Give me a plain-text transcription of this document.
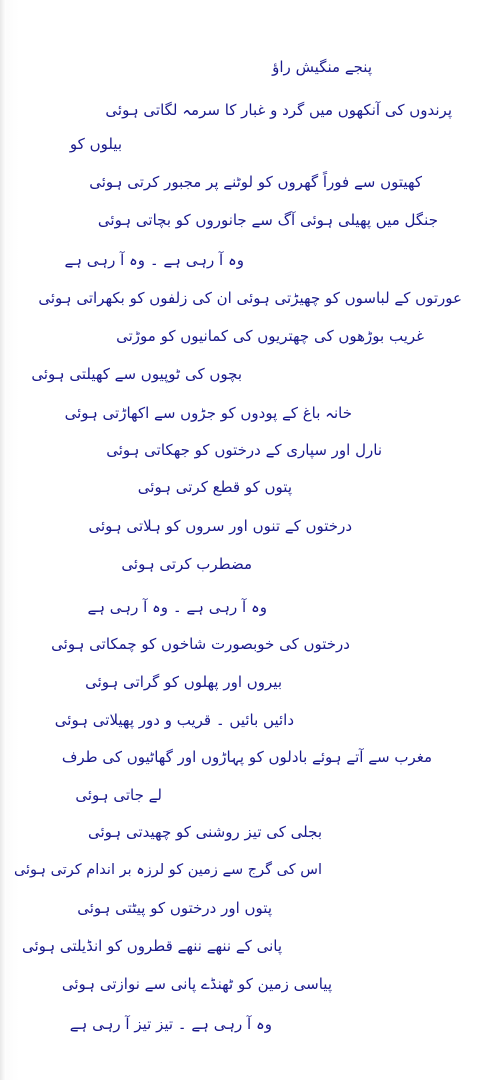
پنجے منگیش راؤ
پرندوں کی آنکھوں میں گرد و غبار کا سرمہ لگاتی ہوئی
بیلوں کو
کھیتوں سے فوراً گھروں کو لوٹنے پر مجبور کرتی ہوئی
جنگل میں پھیلی ہوئی آگ سے جانوروں کو بچاتی ہوئی
وہ آ رہی ہے ۔ وہ آ رہی ہے
عورتوں کے لباسوں کو چھیڑتی ہوئی ان کی زلفوں کو بکھراتی ہوئی
غریب بوڑھوں کی چھتریوں کی کمانیوں کو موڑتی
بچوں کی ٹوپیوں سے کھیلتی ہوئی
خانہ باغ کے پودوں کو جڑوں سے اکھاڑتی ہوئی
نارل اور سپاری کے درختوں کو جھکاتی ہوئی
پتوں کو قطع کرتی ہوئی
درختوں کے تنوں اور سروں کو ہلاتی ہوئی
مضطرب کرتی ہوئی
وہ آ رہی ہے ۔ وہ آ رہی ہے
درختوں کی خوبصورت شاخوں کو چمکاتی ہوئی
بیروں اور پھلوں کو گراتی ہوئی
دائیں بائیں ۔ قریب و دور پھیلاتی ہوئی
مغرب سے آتے ہوئے بادلوں کو پہاڑوں اور گھاٹیوں کی طرف
لے جاتی ہوئی
بجلی کی تیز روشنی کو چھیدتی ہوئی
اس کی گرج سے زمین کو لرزہ بر اندام کرتی ہوئی
پتوں اور درختوں کو پیٹتی ہوئی
پانی کے ننھے ننھے قطروں کو انڈیلتی ہوئی
پیاسی زمین کو ٹھنڈے پانی سے نوازتی ہوئی
وہ آ رہی ہے ۔ تیز تیز آ رہی ہے
